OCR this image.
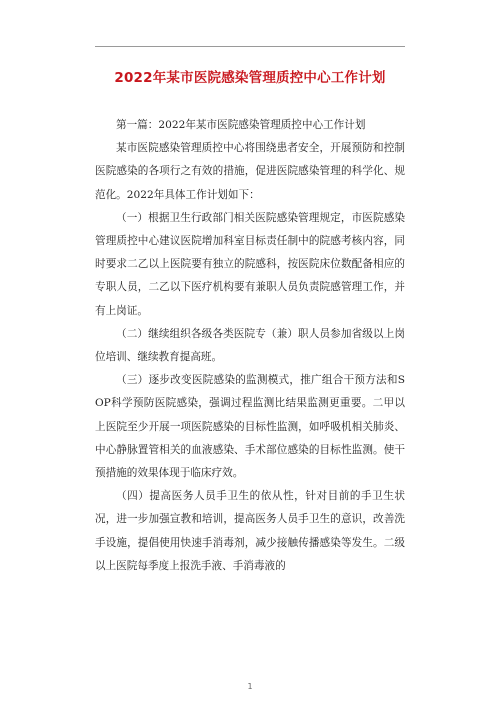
2022年某市医院感染管理质控中心工作计划

第一篇：2022年某市医院感染管理质控中心工作计划

某市医院感染管理质控中心将围绕患者安全，开展预防和控制医院感染的各项行之有效的措施，促进医院感染管理的科学化、规范化。2022年具体工作计划如下：

（一）根据卫生行政部门相关医院感染管理规定，市医院感染管理质控中心建议医院增加科室目标责任制中的院感考核内容，同时要求二乙以上医院要有独立的院感科，按医院床位数配备相应的专职人员，二乙以下医疗机构要有兼职人员负责院感管理工作，并有上岗证。

（二）继续组织各级各类医院专（兼）职人员参加省级以上岗位培训、继续教育提高班。

（三）逐步改变医院感染的监测模式，推广组合干预方法和SOP科学预防医院感染，强调过程监测比结果监测更重要。二甲以上医院至少开展一项医院感染的目标性监测，如呼吸机相关肺炎、中心静脉置管相关的血液感染、手术部位感染的目标性监测。使干预措施的效果体现于临床疗效。

（四）提高医务人员手卫生的依从性，针对目前的手卫生状况，进一步加强宣教和培训，提高医务人员手卫生的意识，改善洗手设施，提倡使用快速手消毒剂，减少接触传播感染等发生。二级以上医院每季度上报洗手液、手消毒液的

1
